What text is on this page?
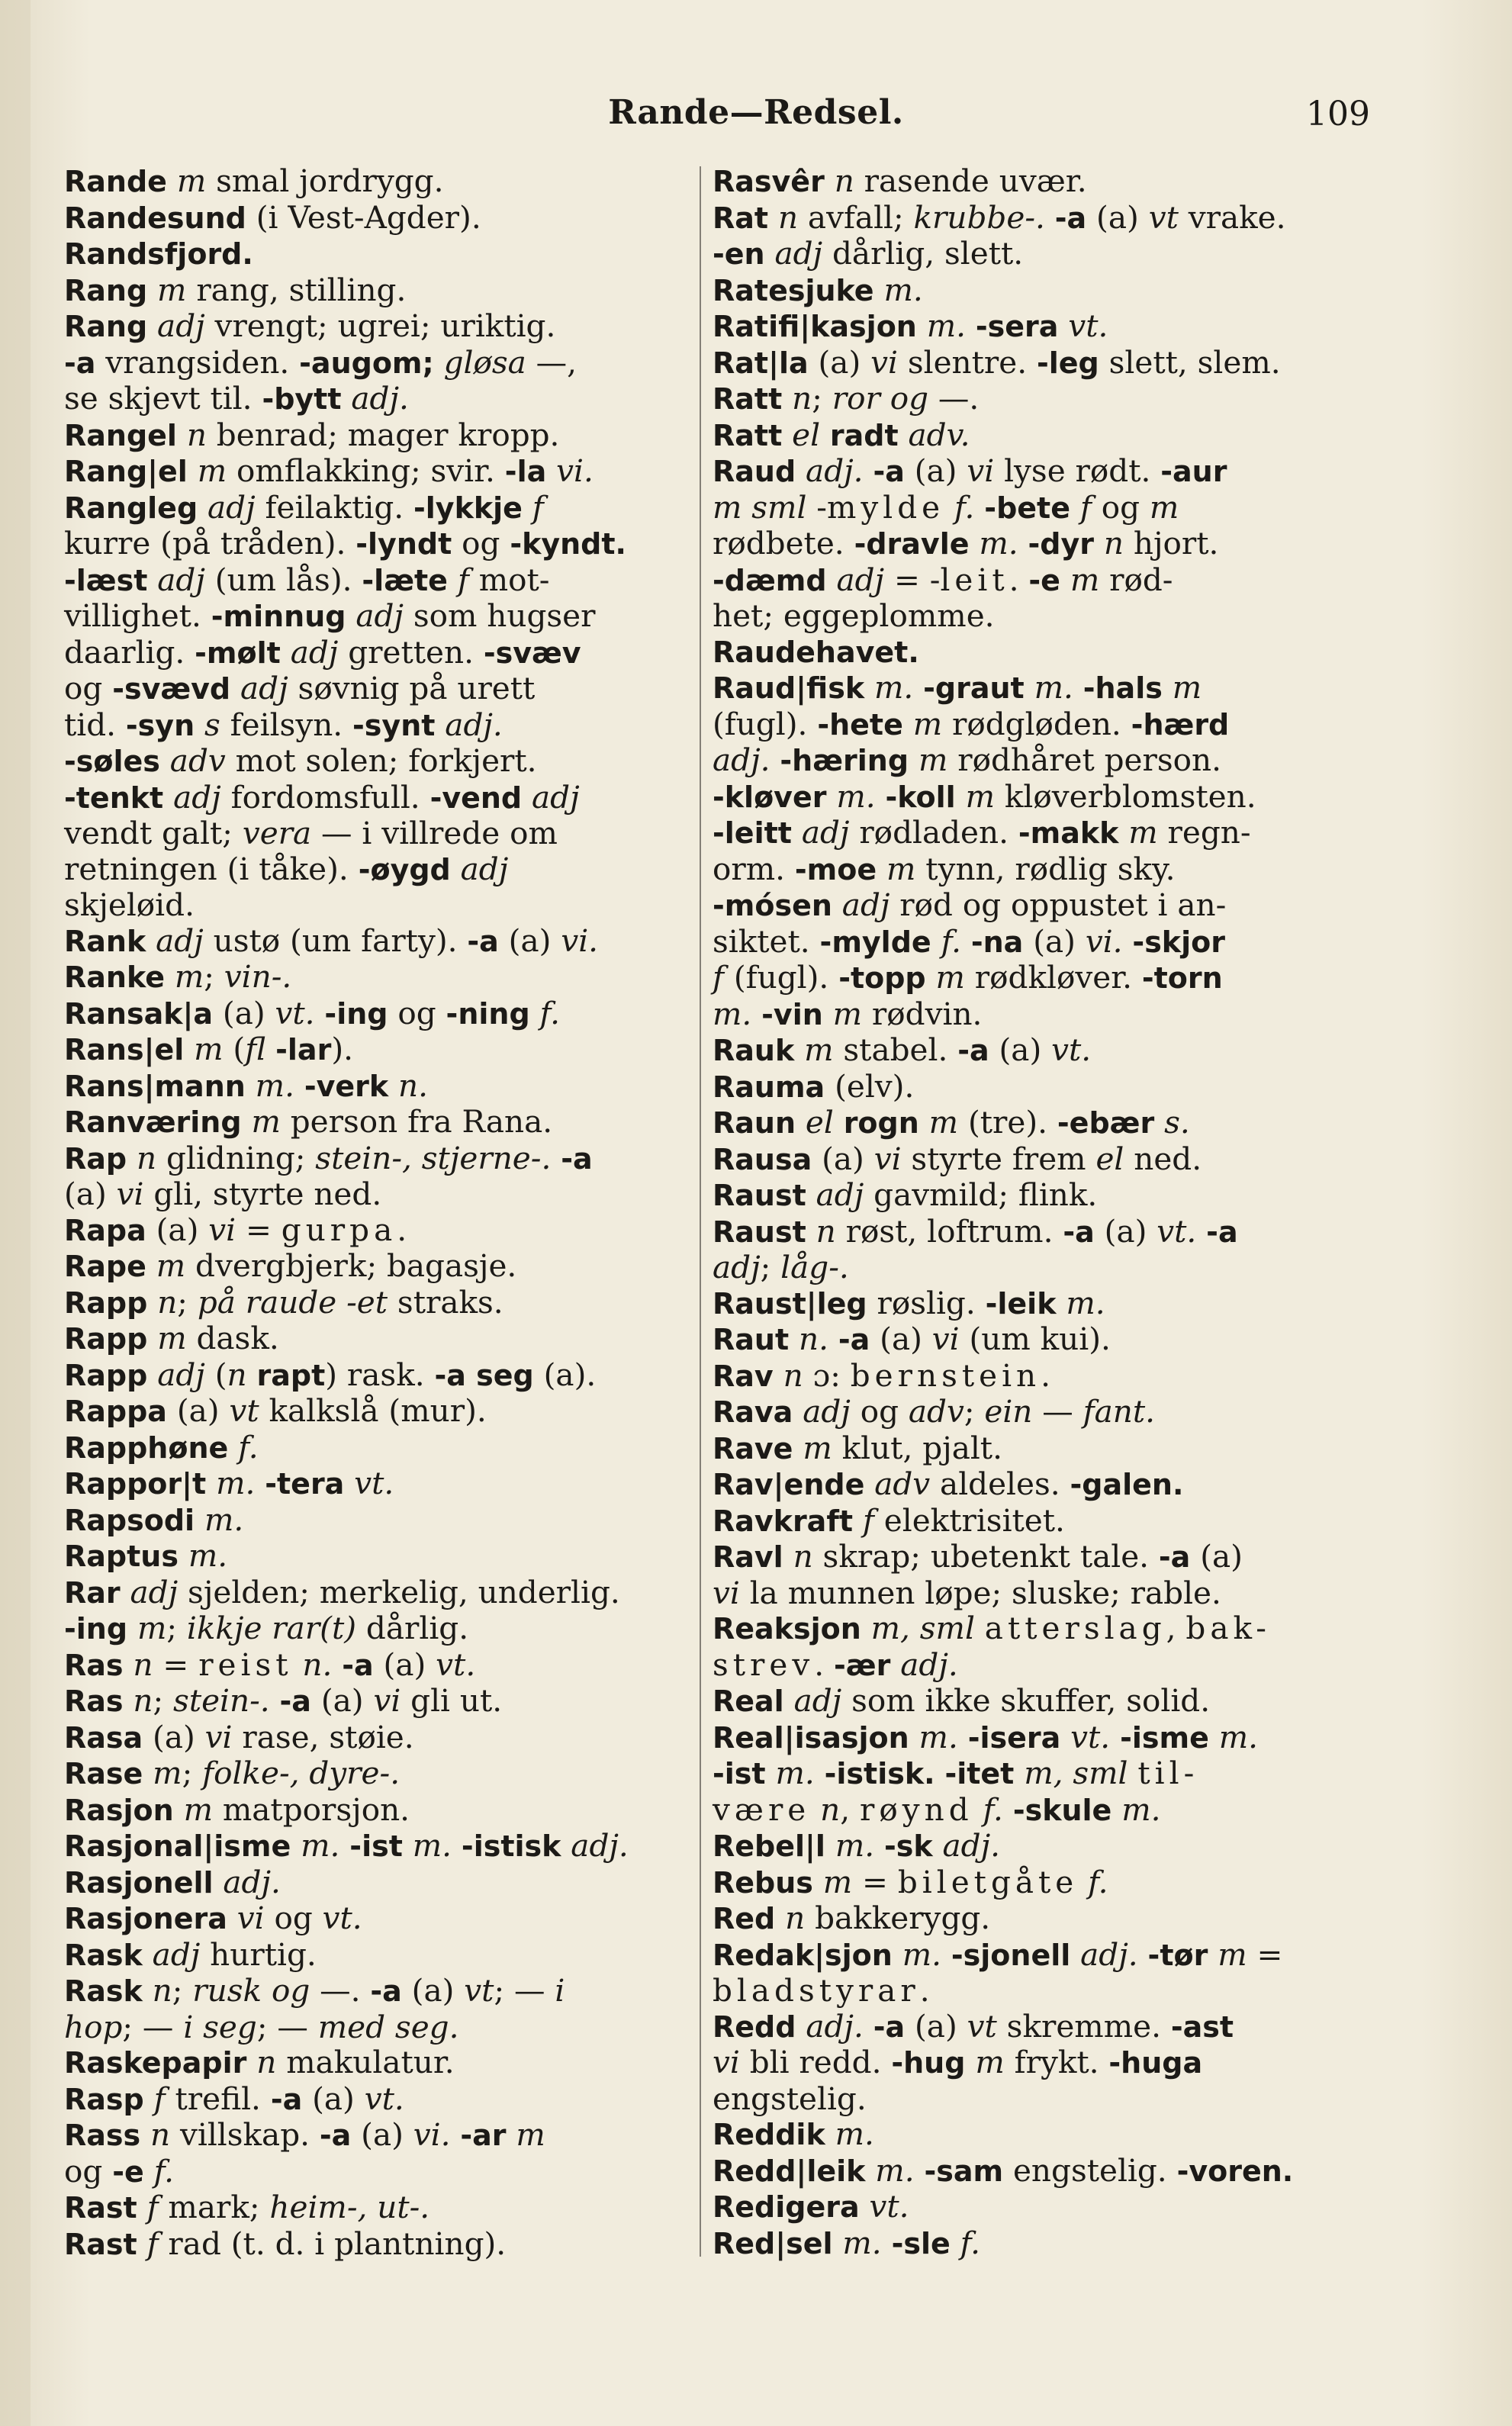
Rande—Redsel.	109

Rande m smal jordrygg.

Randesund (i Vest-Agder).

Randsfjord.

Rang m rang, stilling.

Rang adj vrengt; ugrei; uriktig.

-a vrangsiden. -augom; gløsa —,

se skjevt til. -bytt adj.

Rangel n benrad; mager kropp.

Rang|el m omflakking; svir. -la vi.

Rangleg adj feilaktig. -lykkje f

kurre (på tråden). -lyndt og -kyndt.

-læst adj (um lås). -læte f mot-

villighet. -minnug adj som hugser

daarlig. -mølt adj gretten. -svæv

og -svævd adj søvnig på urett

tid. -syn s feilsyn. -synt adj.

-søles adv mot solen; forkjert.

-tenkt adj fordomsfull. -vend adj

vendt galt; vera — i villrede om

retningen (i tåke). -øygd adj

skjeløid.

Rank adj ustø (um farty). -a (a) vi.

Ranke m; vin-.

Ransak|a (a) vt. -ing og -ning f.

Rans|el m (fl -lar).

Rans|mann m. -verk n.

Ranværing m person fra Rana.

Rap n glidning; stein-, stjerne-. -a

(a) vi gli, styrte ned.

Rapa (a) vi = gurpa.

Rape m dvergbjerk; bagasje.

Rapp n; på raude -et straks.

Rapp m dask.

Rapp adj (n rapt) rask. -a seg (a).

Rappa (a) vt kalkslå (mur).

Rapphøne f.

Rappor|t m. -tera vt.

Rapsodi m.

Raptus m.

Rar adj sjelden; merkelig, underlig.

-ing m; ikkje rar(t) dårlig.

Ras n = reist n. -a (a) vt.

Ras n; stein-. -a (a) vi gli ut.

Rasa (a) vi rase, støie.

Rase m; folke-, dyre-.

Rasjon m matporsjon.

Rasjonal|isme m. -ist m. -istisk adj.

Rasjonell adj.

Rasjonera vi og vt.

Rask adj hurtig.

Rask n; rusk og —. -a (a) vt; — i

hop; — i seg; — med seg.

Raskepapir n makulatur.

Rasp f trefil. -a (a) vt.

Rass n villskap. -a (a) vi. -ar m

og -e f.

Rast f mark; heim-, ut-.

Rast f rad (t. d. i plantning).

Rasvêr n rasende uvær.

Rat n avfall; krubbe-. -a (a) vt vrake.

-en adj dårlig, slett.

Ratesjuke m.

Ratifi|kasjon m. -sera vt.

Rat|la (a) vi slentre. -leg slett, slem.

Ratt n; ror og —.

Ratt el radt adv.

Raud adj. -a (a) vi lyse rødt. -aur

m sml -mylde f. -bete f og m

rødbete. -dravle m. -dyr n hjort.

-dæmd adj = -leit. -e m rød-

het; eggeplomme.

Raudehavet.

Raud|fisk m. -graut m. -hals m

(fugl). -hete m rødgløden. -hærd

adj. -hæring m rødhåret person.

-kløver m. -koll m kløverblomsten.

-leitt adj rødladen. -makk m regn-

orm. -moe m tynn, rødlig sky.

-mósen adj rød og oppustet i an-

siktet. -mylde f. -na (a) vi. -skjor

f (fugl). -topp m rødkløver. -torn

m. -vin m rødvin.

Rauk m stabel. -a (a) vt.

Rauma (elv).

Raun el rogn m (tre). -ebær s.

Rausa (a) vi styrte frem el ned.

Raust adj gavmild; flink.

Raust n røst, loftrum. -a (a) vt. -a

adj; låg-.

Raust|leg røslig. -leik m.

Raut n. -a (a) vi (um kui).

Rav n ɔ: bernstein.

Rava adj og adv; ein — fant.

Rave m klut, pjalt.

Rav|ende adv aldeles. -galen.

Ravkraft f elektrisitet.

Ravl n skrap; ubetenkt tale. -a (a)

vi la munnen løpe; sluske; rable.

Reaksjon m, sml atterslag, bak-

strev. -ær adj.

Real adj som ikke skuffer, solid.

Real|isasjon m. -isera vt. -isme m.

-ist m. -istisk. -itet m, sml til-

være n, røynd f. -skule m.

Rebel|l m. -sk adj.

Rebus m = biletgåte f.

Red n bakkerygg.

Redak|sjon m. -sjonell adj. -tør m =

bladstyrar.

Redd adj. -a (a) vt skremme. -ast

vi bli redd. -hug m frykt. -huga

engstelig.

Reddik m.

Redd|leik m. -sam engstelig. -voren.

Redigera vt.

Red|sel m. -sle f.
